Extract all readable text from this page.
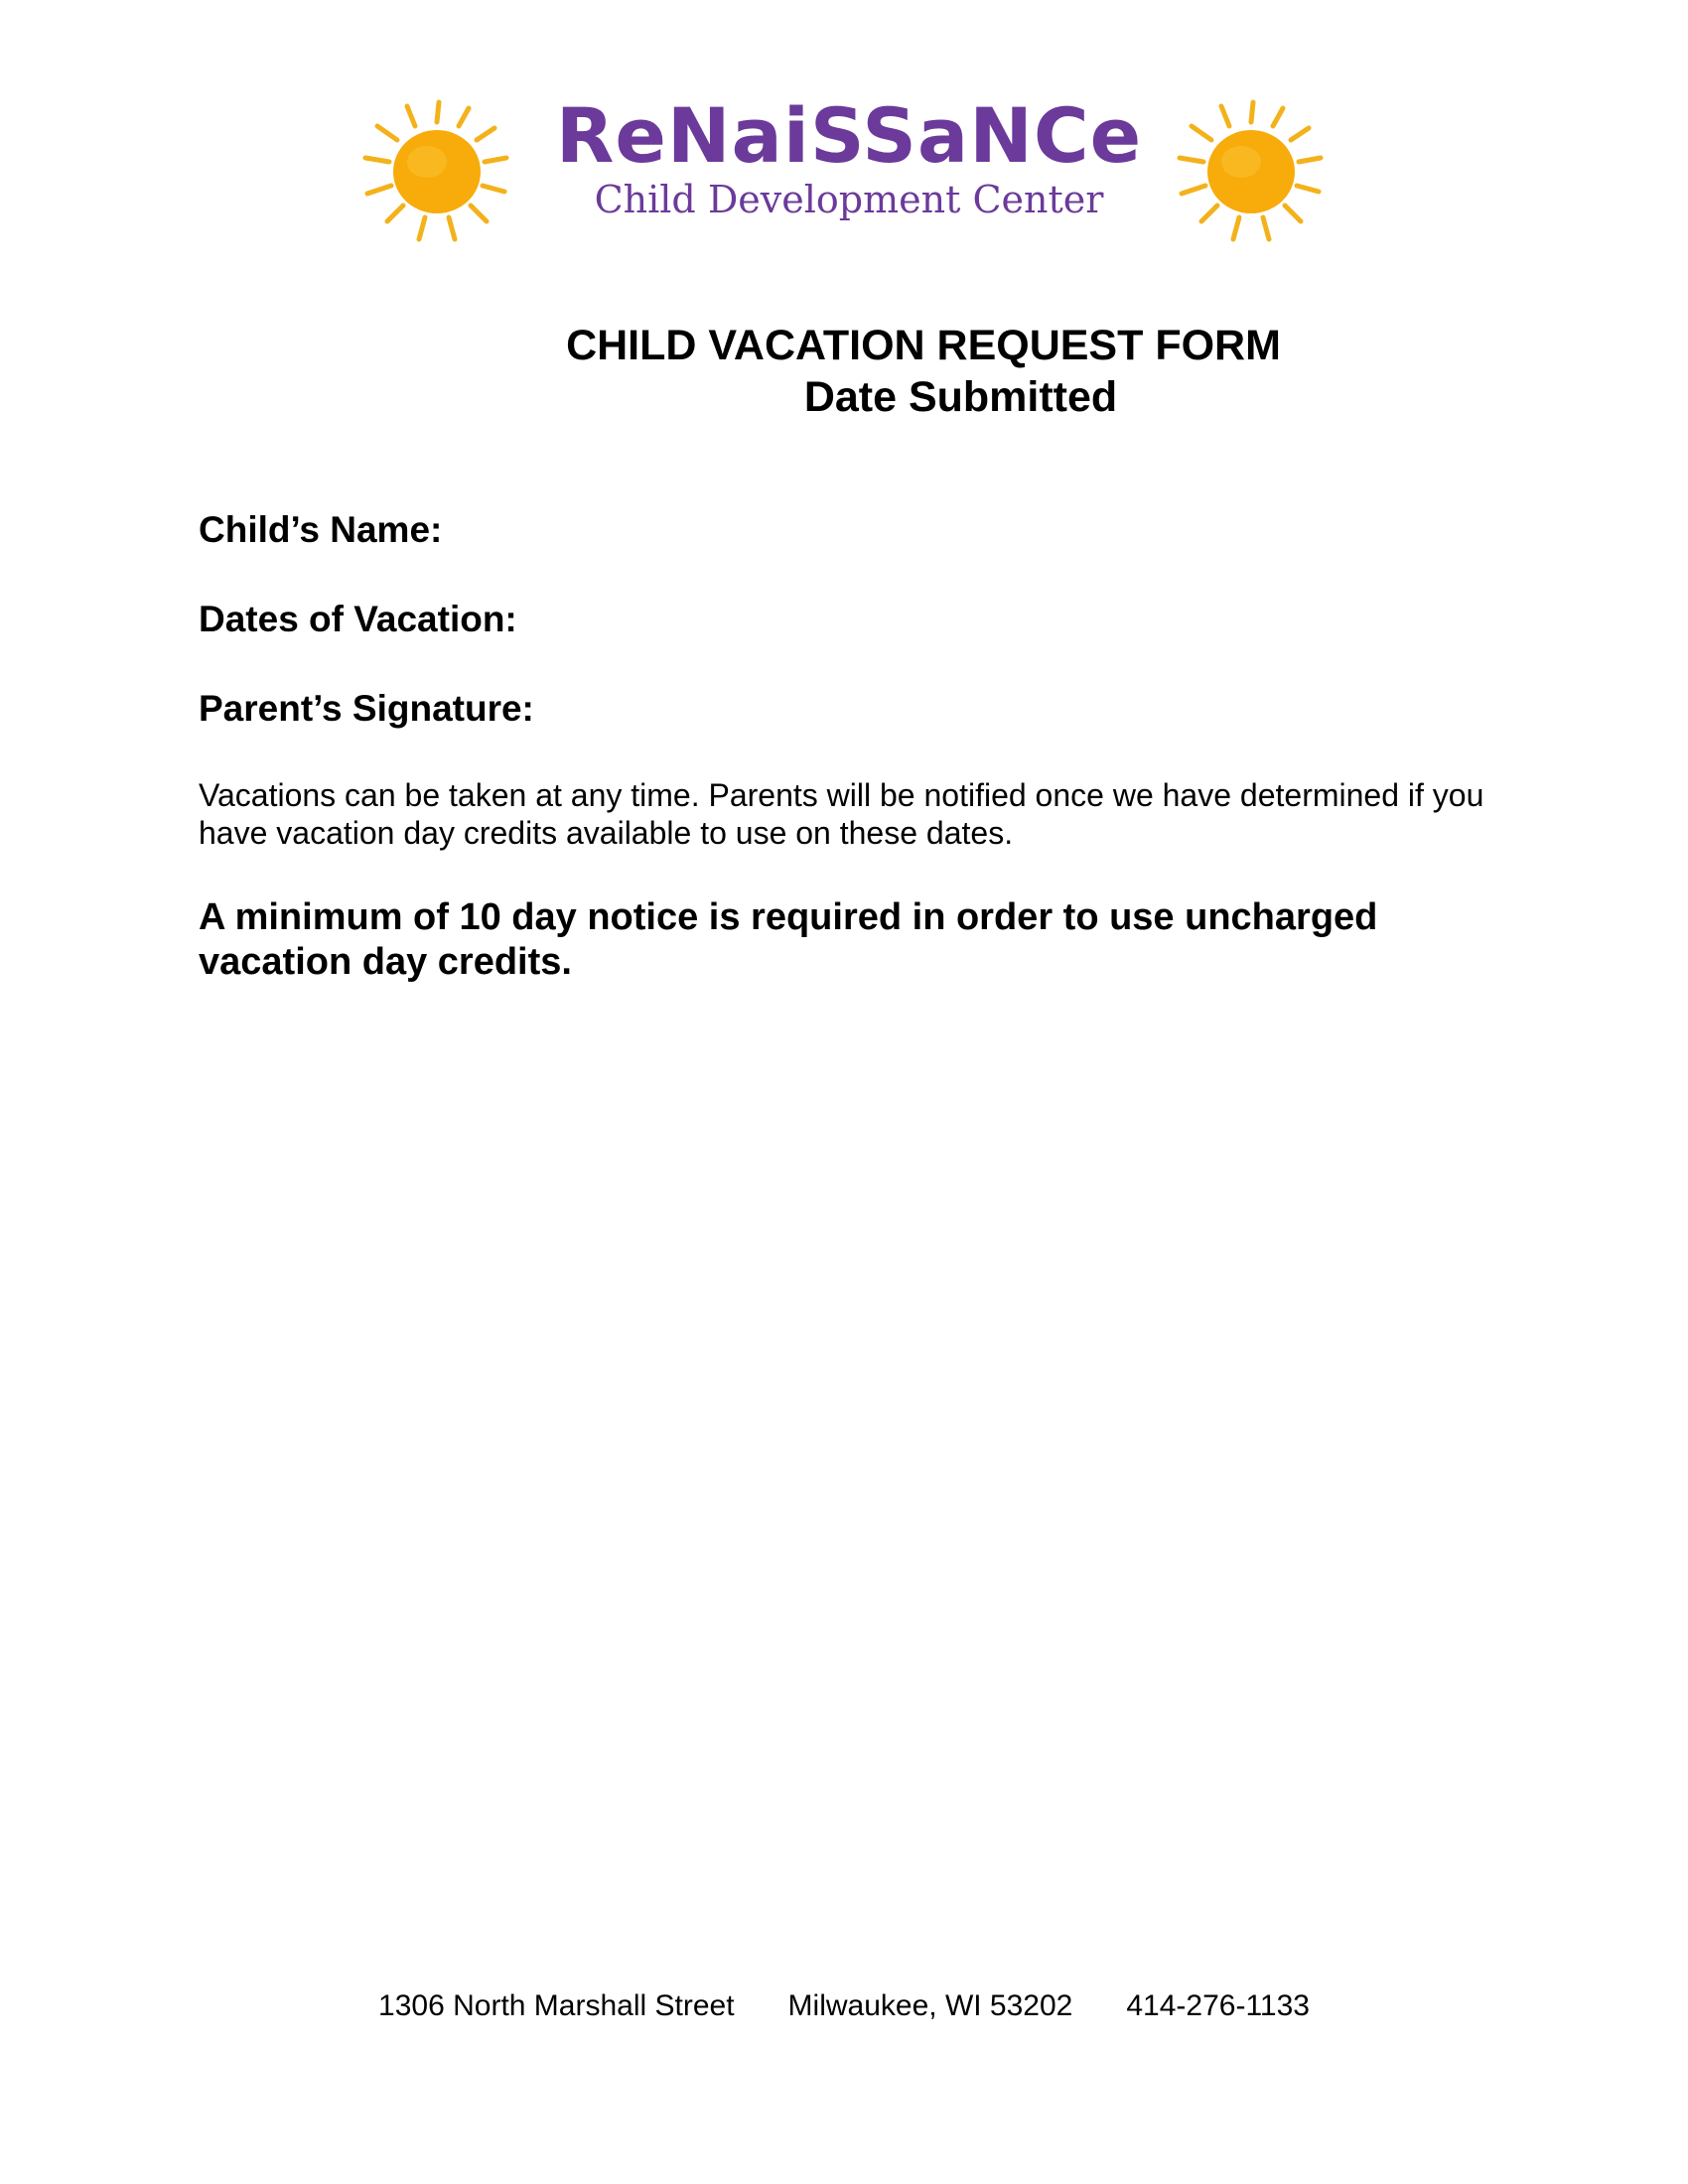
ReNaiSSaNCe
Child Development Center
CHILD VACATION REQUEST FORM
Date Submitted
Child’s Name:
Dates of Vacation:
Parent’s Signature:
Vacations can be taken at any time. Parents will be notified once we have determined if you have vacation day credits available to use on these dates.
A minimum of 10 day notice is required in order to use uncharged vacation day credits.
1306 North Marshall Street Milwaukee, WI 53202 414-276-1133
